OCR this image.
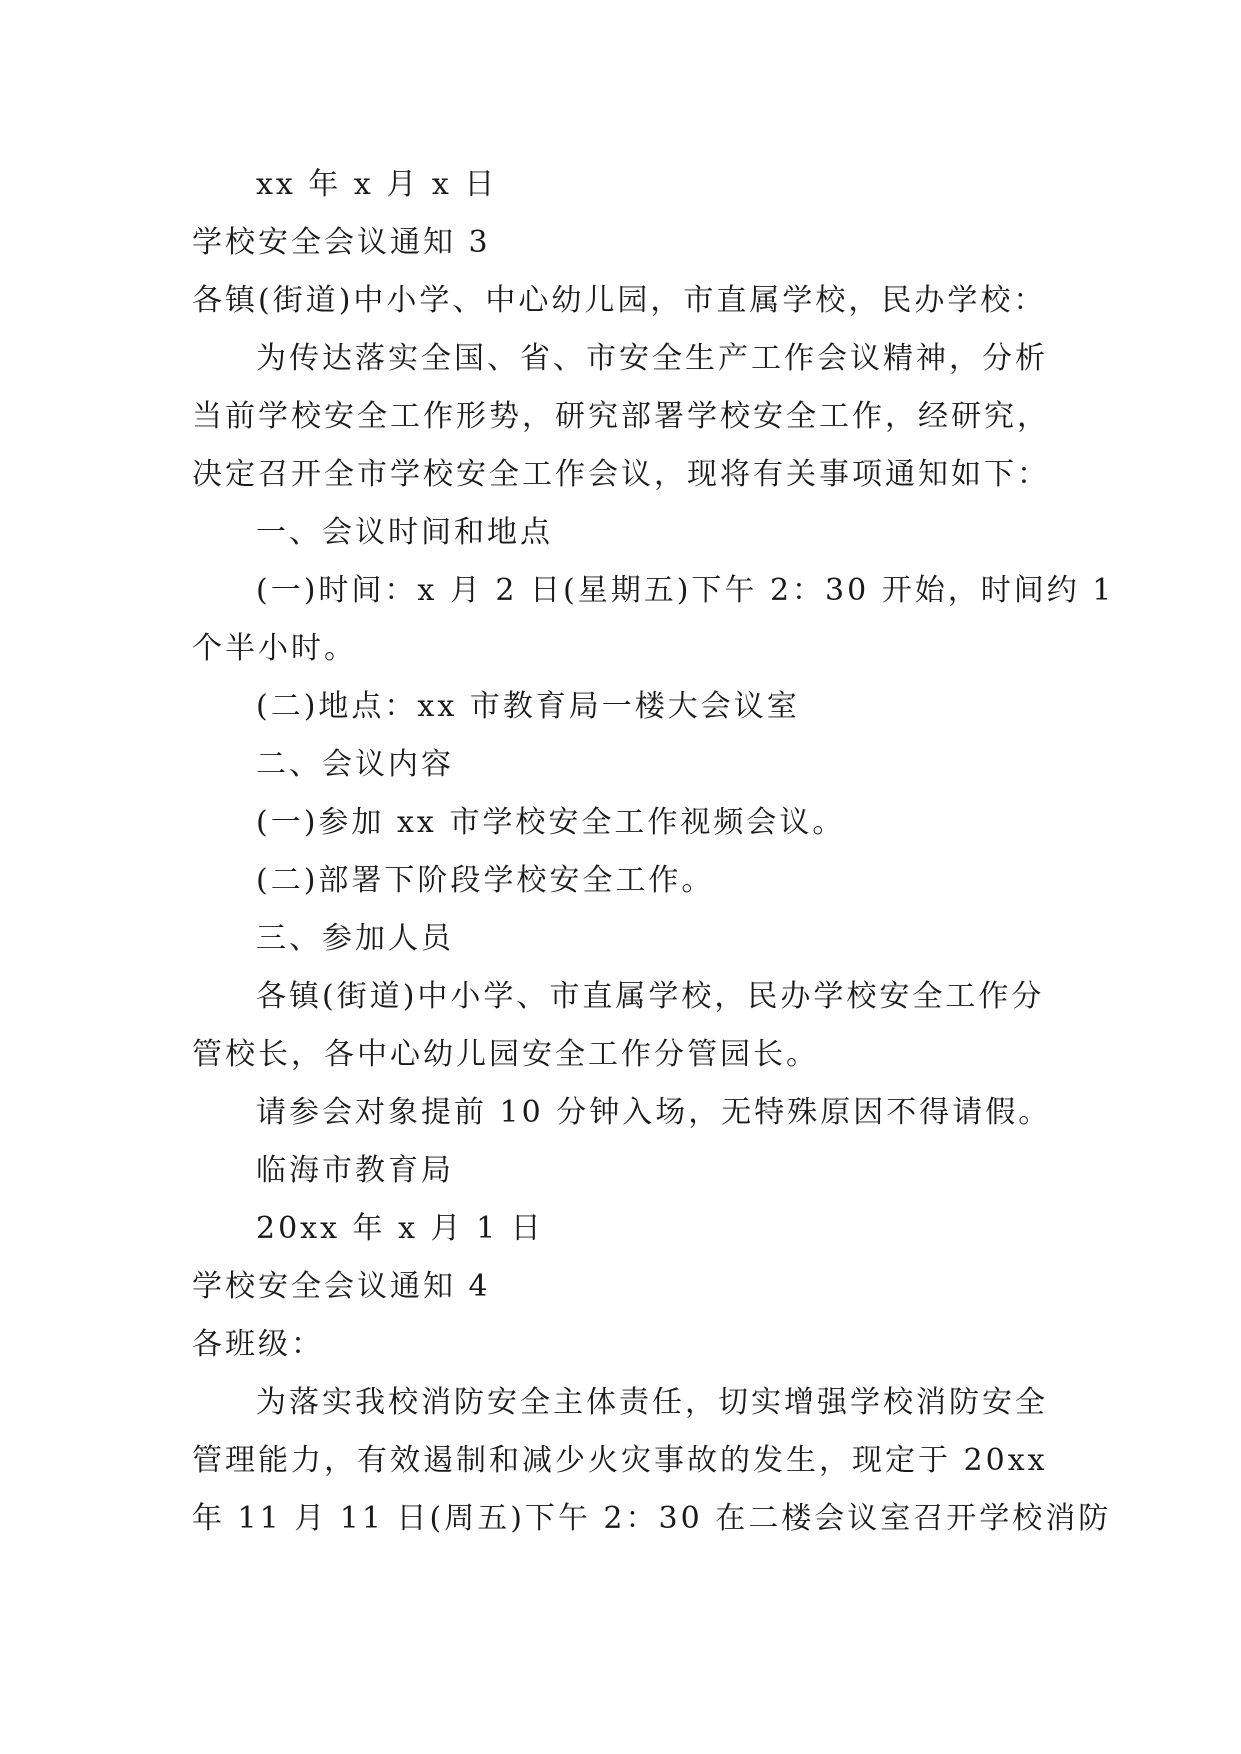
xx 年 x 月 x 日
学校安全会议通知 3
各镇(街道)中小学、中心幼儿园，市直属学校，民办学校：
为传达落实全国、省、市安全生产工作会议精神，分析
当前学校安全工作形势，研究部署学校安全工作，经研究，
决定召开全市学校安全工作会议，现将有关事项通知如下：
一、会议时间和地点
(一)时间：x 月 2 日(星期五)下午 2：30 开始，时间约 1
个半小时。
(二)地点：xx 市教育局一楼大会议室
二、会议内容
(一)参加 xx 市学校安全工作视频会议。
(二)部署下阶段学校安全工作。
三、参加人员
各镇(街道)中小学、市直属学校，民办学校安全工作分
管校长，各中心幼儿园安全工作分管园长。
请参会对象提前 10 分钟入场，无特殊原因不得请假。
临海市教育局
20xx 年 x 月 1 日
学校安全会议通知 4
各班级：
为落实我校消防安全主体责任，切实增强学校消防安全
管理能力，有效遏制和减少火灾事故的发生，现定于 20xx
年 11 月 11 日(周五)下午 2：30 在二楼会议室召开学校消防
